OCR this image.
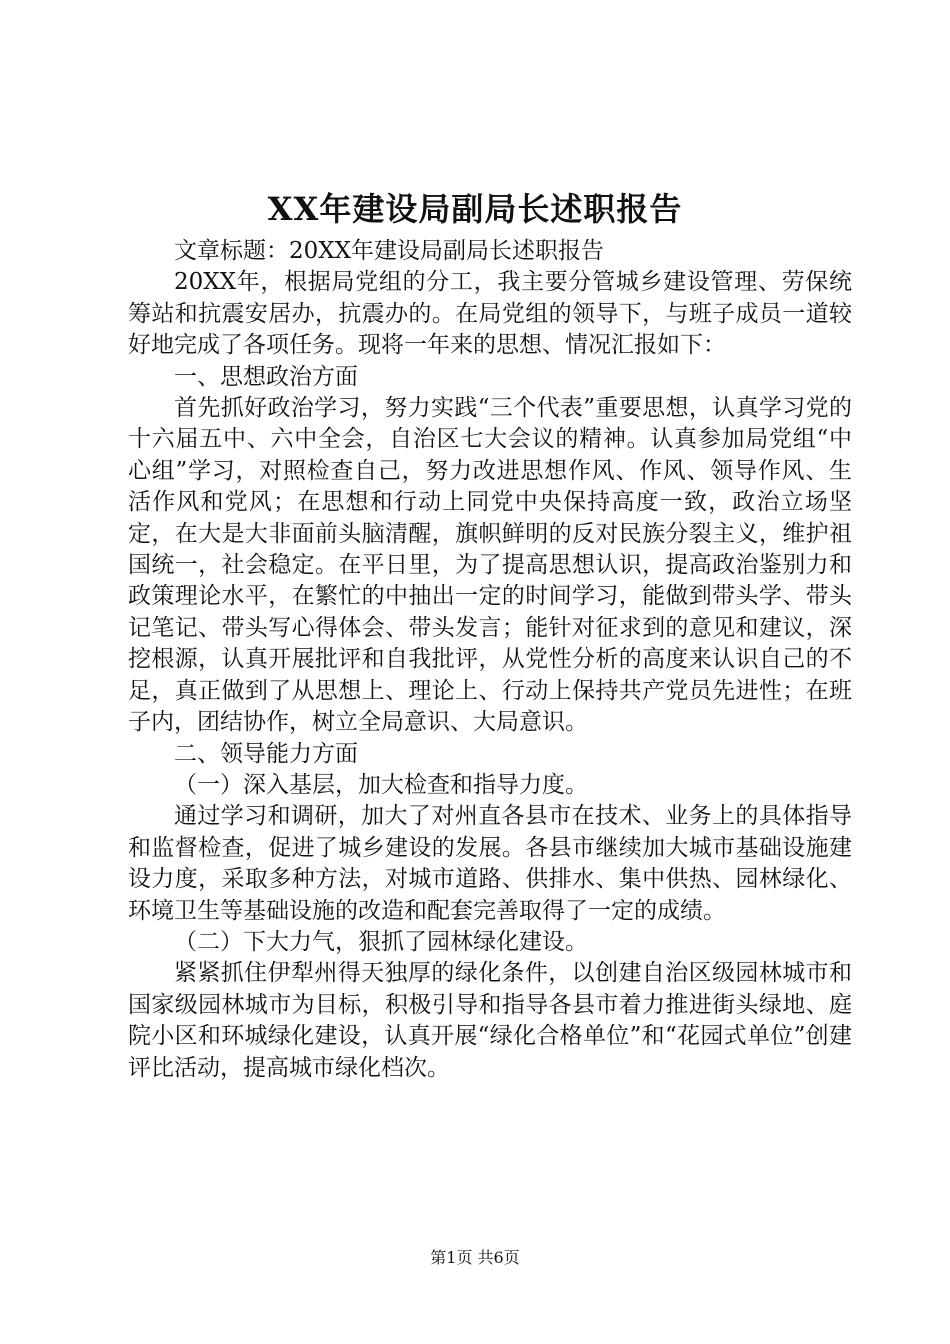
XX年建设局副局长述职报告

文章标题：20XX年建设局副局长述职报告

20XX年，根据局党组的分工，我主要分管城乡建设管理、劳保统筹站和抗震安居办，抗震办的。在局党组的领导下，与班子成员一道较好地完成了各项任务。现将一年来的思想、情况汇报如下：

一、思想政治方面

首先抓好政治学习，努力实践“三个代表”重要思想，认真学习党的十六届五中、六中全会，自治区七大会议的精神。认真参加局党组“中心组”学习，对照检查自己，努力改进思想作风、作风、领导作风、生活作风和党风；在思想和行动上同党中央保持高度一致，政治立场坚定，在大是大非面前头脑清醒，旗帜鲜明的反对民族分裂主义，维护祖国统一，社会稳定。在平日里，为了提高思想认识，提高政治鉴别力和政策理论水平，在繁忙的中抽出一定的时间学习，能做到带头学、带头记笔记、带头写心得体会、带头发言；能针对征求到的意见和建议，深挖根源，认真开展批评和自我批评，从党性分析的高度来认识自己的不足，真正做到了从思想上、理论上、行动上保持共产党员先进性；在班子内，团结协作，树立全局意识、大局意识。

二、领导能力方面

（一）深入基层，加大检查和指导力度。

通过学习和调研，加大了对州直各县市在技术、业务上的具体指导和监督检查，促进了城乡建设的发展。各县市继续加大城市基础设施建设力度，采取多种方法，对城市道路、供排水、集中供热、园林绿化、环境卫生等基础设施的改造和配套完善取得了一定的成绩。

（二）下大力气，狠抓了园林绿化建设。

紧紧抓住伊犁州得天独厚的绿化条件，以创建自治区级园林城市和国家级园林城市为目标，积极引导和指导各县市着力推进街头绿地、庭院小区和环城绿化建设，认真开展“绿化合格单位”和“花园式单位”创建评比活动，提高城市绿化档次。

第1页 共6页
